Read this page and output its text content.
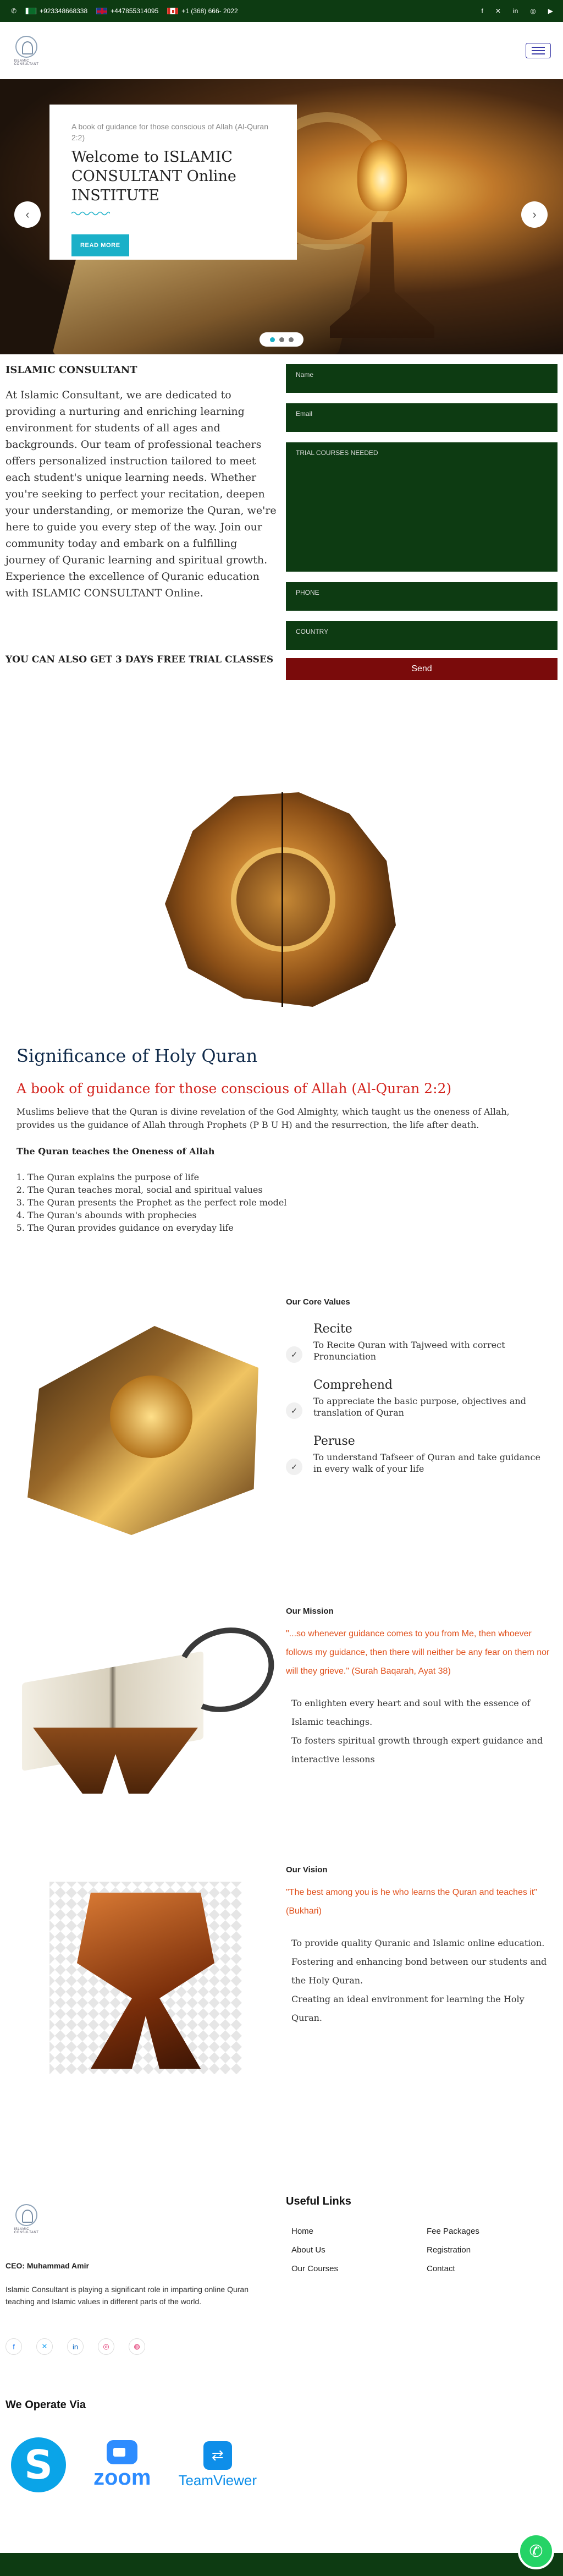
✆	+923348668338	+447855314095	+1 (368) 666- 2022	f ✕ in ◎ ▶
ISLAMIC CONSULTANT
A book of guidance for those conscious of Allah (Al-Quran 2:2)
Welcome to ISLAMIC CONSULTANT Online INSTITUTE
READ MORE
‹	›
ISLAMIC CONSULTANT

At Islamic Consultant, we are dedicated to providing a nurturing and enriching learning environment for students of all ages and backgrounds. Our team of professional teachers offers personalized instruction tailored to meet each student's unique learning needs. Whether you're seeking to perfect your recitation, deepen your understanding, or memorize the Quran, we're here to guide you every step of the way. Join our community today and embark on a fulfilling journey of Quranic learning and spiritual growth. Experience the excellence of Quranic education with ISLAMIC CONSULTANT Online.

YOU CAN ALSO GET 3 DAYS FREE TRIAL CLASSES
Name
Email
TRIAL COURSES NEEDED
PHONE
COUNTRY
Send
Significance of Holy Quran
A book of guidance for those conscious of Allah (Al-Quran 2:2)

Muslims believe that the Quran is divine revelation of the God Almighty, which taught us the oneness of Allah, provides us the guidance of Allah through Prophets (P B U H) and the resurrection, the life after death.

The Quran teaches the Oneness of Allah
1. The Quran explains the purpose of life
2. The Quran teaches moral, social and spiritual values
3. The Quran presents the Prophet as the perfect role model
4. The Quran's abounds with prophecies
5. The Quran provides guidance on everyday life
Our Core Values
✓
Recite
To Recite Quran with Tajweed with correct Pronunciation
✓
Comprehend
To appreciate the basic purpose, objectives and translation of Quran
✓
Peruse
To understand Tafseer of Quran and take guidance in every walk of your life
Our Mission
"...so whenever guidance comes to you from Me, then whoever follows my guidance, then there will neither be any fear on them nor will they grieve." (Surah Baqarah, Ayat 38)
To enlighten every heart and soul with the essence of Islamic teachings.
To fosters spiritual growth through expert guidance and interactive lessons
Our Vision
"The best among you is he who learns the Quran and teaches it" (Bukhari)
To provide quality Quranic and Islamic online education.
Fostering and enhancing bond between our students and the Holy Quran.
Creating an ideal environment for learning the Holy Quran.
ISLAMIC CONSULTANT
CEO: Muhammad Amir
Islamic Consultant is playing a significant role in imparting online Quran teaching and Islamic values in different parts of the world.
f	✕	in	◎	◍
Useful Links
Home	Fee Packages
About Us	Registration
Our Courses	Contact
We Operate Via
S	zoom
⇄
TeamViewer
✆
